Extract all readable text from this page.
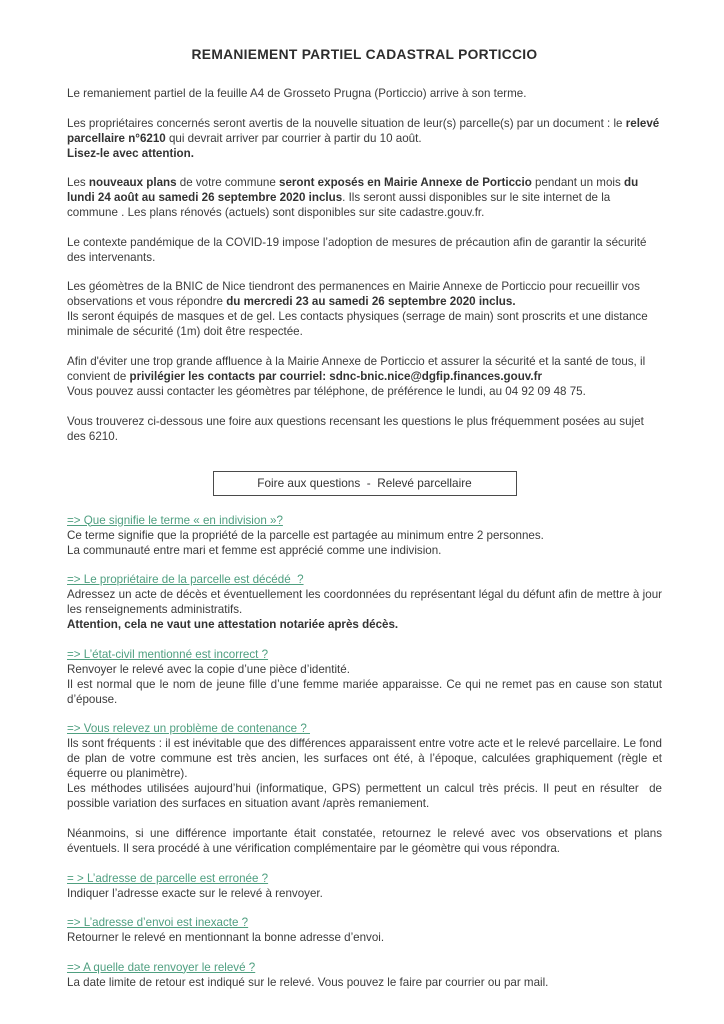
REMANIEMENT PARTIEL CADASTRAL PORTICCIO

Le remaniement partiel de la feuille A4 de Grosseto Prugna (Porticcio) arrive à son terme.

Les propriétaires concernés seront avertis de la nouvelle situation de leur(s) parcelle(s) par un document : le relevé parcellaire n°6210 qui devrait arriver par courrier à partir du 10 août.
Lisez-le avec attention.

Les nouveaux plans de votre commune seront exposés en Mairie Annexe de Porticcio pendant un mois du lundi 24 août au samedi 26 septembre 2020 inclus. Ils seront aussi disponibles sur le site internet de la commune . Les plans rénovés (actuels) sont disponibles sur site cadastre.gouv.fr.

Le contexte pandémique de la COVID-19 impose l’adoption de mesures de précaution afin de garantir la sécurité des intervenants.

Les géomètres de la BNIC de Nice tiendront des permanences en Mairie Annexe de Porticcio pour recueillir vos observations et vous répondre du mercredi 23 au samedi 26 septembre 2020 inclus.
Ils seront équipés de masques et de gel. Les contacts physiques (serrage de main) sont proscrits et une distance minimale de sécurité (1m) doit être respectée.

Afin d'éviter une trop grande affluence à la Mairie Annexe de Porticcio et assurer la sécurité et la santé de tous, il convient de privilégier les contacts par courriel: sdnc-bnic.nice@dgfip.finances.gouv.fr
Vous pouvez aussi contacter les géomètres par téléphone, de préférence le lundi, au 04 92 09 48 75.

Vous trouverez ci-dessous une foire aux questions recensant les questions le plus fréquemment posées au sujet des 6210.

Foire aux questions  -  Relevé parcellaire
=> Que signifie le terme « en indivision »?

Ce terme signifie que la propriété de la parcelle est partagée au minimum entre 2 personnes.
La communauté entre mari et femme est apprécié comme une indivision.

=> Le propriétaire de la parcelle est décédé  ?

Adressez un acte de décès et éventuellement les coordonnées du représentant légal du défunt afin de mettre à jour les renseignements administratifs.
Attention, cela ne vaut une attestation notariée après décès.

=> L’état-civil mentionné est incorrect ?

Renvoyer le relevé avec la copie d’une pièce d’identité.
Il est normal que le nom de jeune fille d’une femme mariée apparaisse. Ce qui ne remet pas en cause son statut d’épouse.

=> Vous relevez un problème de contenance ?

Ils sont fréquents : il est inévitable que des différences apparaissent entre votre acte et le relevé parcellaire. Le fond de plan de votre commune est très ancien, les surfaces ont été, à l’époque, calculées graphiquement (règle et équerre ou planimètre).
Les méthodes utilisées aujourd’hui (informatique, GPS) permettent un calcul très précis. Il peut en résulter  de possible variation des surfaces en situation avant /après remaniement.

Néanmoins, si une différence importante était constatée, retournez le relevé avec vos observations et plans éventuels. Il sera procédé à une vérification complémentaire par le géomètre qui vous répondra.

= > L’adresse de parcelle est erronée ?

Indiquer l’adresse exacte sur le relevé à renvoyer.

=> L’adresse d’envoi est inexacte ?

Retourner le relevé en mentionnant la bonne adresse d’envoi.

=> A quelle date renvoyer le relevé ?

La date limite de retour est indiqué sur le relevé. Vous pouvez le faire par courrier ou par mail.
